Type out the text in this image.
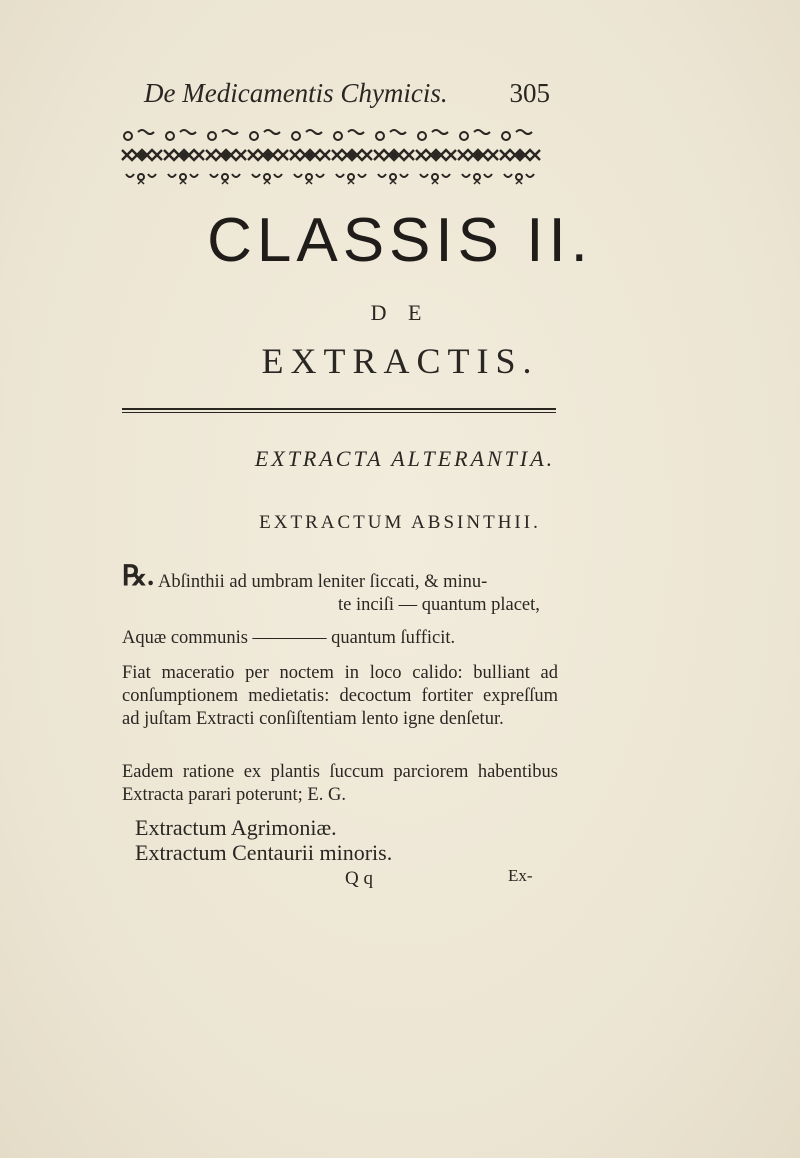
De Medicamentis Chymicis. 305
CLASSIS II.
D E
EXTRACTIS.
EXTRACTA ALTERANTIA.
EXTRACTUM ABSINTHII.
℞. Abſinthii ad umbram leniter ſiccati, & minu-
te inciſi — quantum placet,
Aquæ communis ———— quantum ſufficit.
Fiat maceratio per noctem in loco calido: bulliant ad conſumptionem medietatis: decoctum fortiter expreſſum ad juſtam Extracti conſiſtentiam lento igne denſetur.
Eadem ratione ex plantis ſuccum parciorem habentibus Extracta parari poterunt; E. G.
Extractum Agrimoniæ.
Extractum Centaurii minoris.
Q q	Ex-
